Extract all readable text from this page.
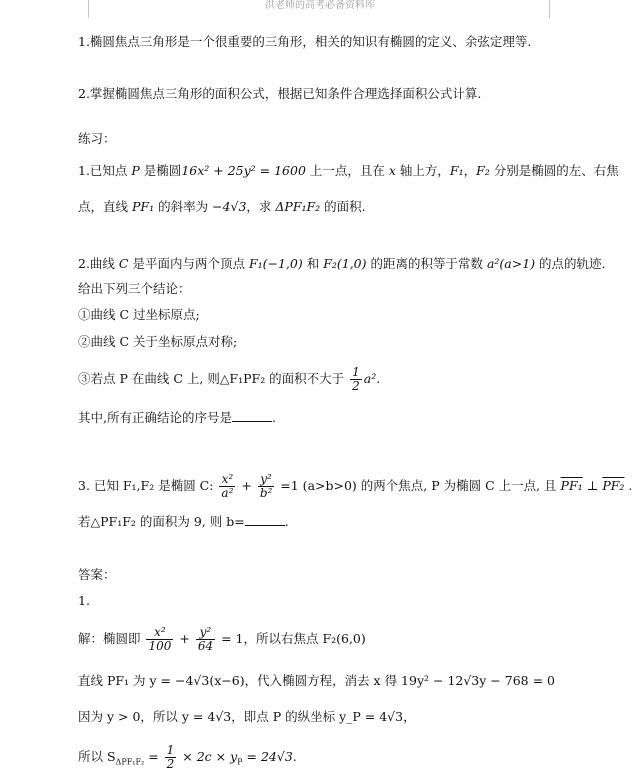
洪老师的高考必备资料库
1.椭圆焦点三角形是一个很重要的三角形，相关的知识有椭圆的定义、余弦定理等.
2.掌握椭圆焦点三角形的面积公式，根据已知条件合理选择面积公式计算.
练习：
1.已知点 P 是椭圆16x² + 25y² = 1600 上一点，且在 x 轴上方，F₁，F₂ 分别是椭圆的左、右焦
点，直线 PF₁ 的斜率为 −4√3，求 ΔPF₁F₂ 的面积.
2.曲线 C 是平面内与两个顶点 F₁(−1,0) 和 F₂(1,0) 的距离的积等于常数 a²(a>1) 的点的轨迹.
给出下列三个结论：
①曲线 C 过坐标原点;
②曲线 C 关于坐标原点对称;
③若点 P 在曲线 C 上, 则△F₁PF₂ 的面积不大于 $\frac{1}{2} a^2$.
其中,所有正确结论的序号是	.
3. 已知 F₁,F₂ 是椭圆 C: $\frac{\text{x²}}{\text{a²}} + \frac{\text{y²}}{\text{b²}} =1$ (a>b>0) 的两个焦点, P 为椭圆 C 上一点, 且 PF₁ ⊥ PF₂ .
若△PF₁F₂ 的面积为 9, 则 b=	.
答案：
1.
解：椭圆即 $\frac{\text{x²}}{100} + \frac{\text{y²}}{64} = 1$，所以右焦点 F₂(6,0)
直线 PF₁ 为 y = −4√3(x−6)，代入椭圆方程，消去 x 得 19y² − 12√3y − 768 = 0
因为 y > 0，所以 y = 4√3，即点 P 的纵坐标 y_P = 4√3，
所以 $S_{\Delta PF_1F_2} = \frac{1}{2} \times 2c \times y_P = 24√3$.
